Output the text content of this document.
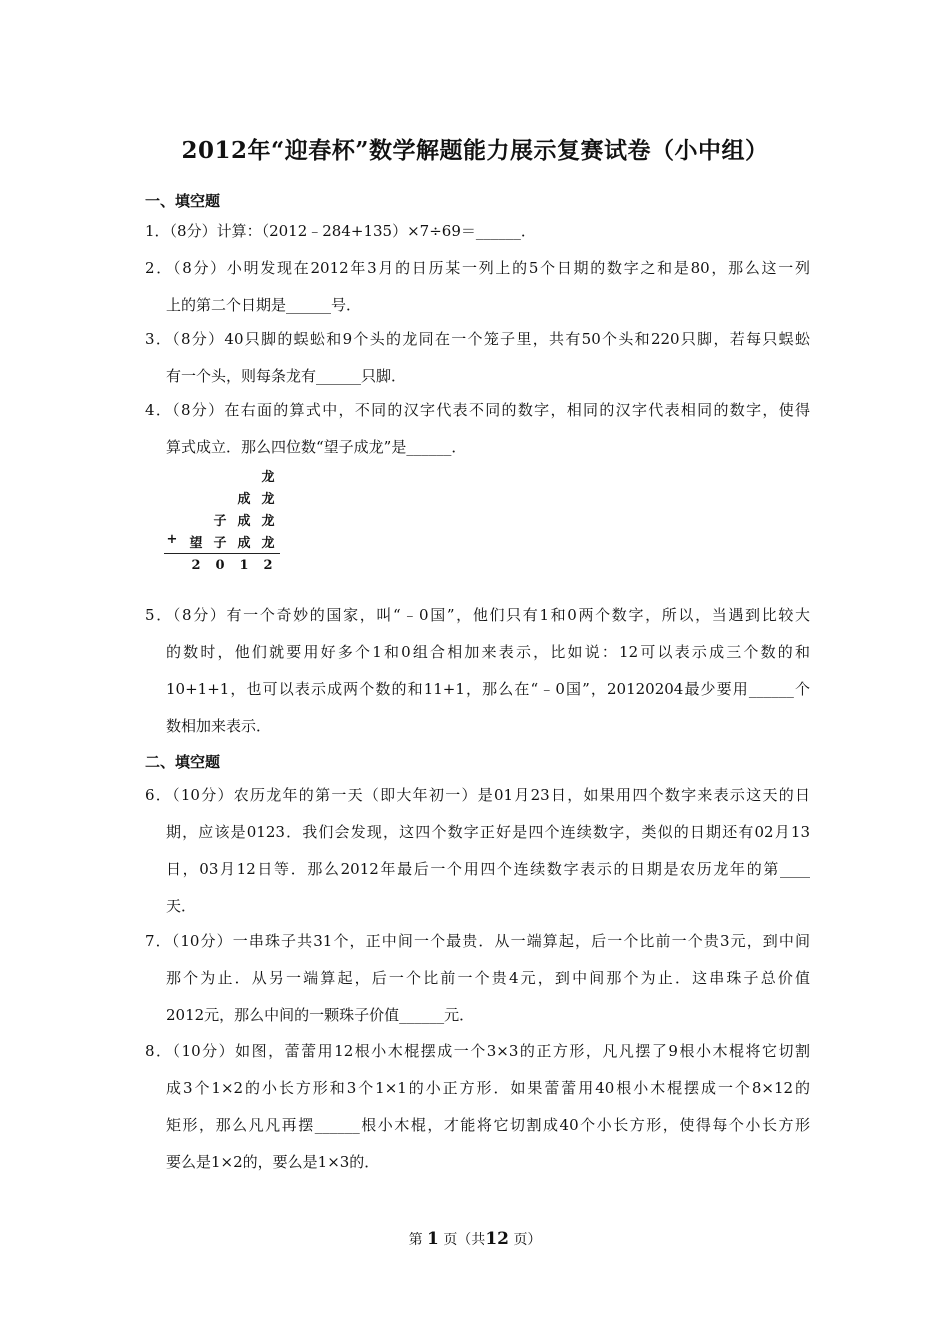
2012年“迎春杯”数学解题能力展示复赛试卷（小中组）
一、填空题
1．（8分）计算：（2012﹣284+135）×7÷69＝______．
2．（8分）小明发现在2012年3月的日历某一列上的5个日期的数字之和是80，那么这一列
上的第二个日期是______号．
3．（8分）40只脚的蜈蚣和9个头的龙同在一个笼子里，共有50个头和220只脚，若每只蜈蚣
有一个头，则每条龙有______只脚．
4．（8分）在右面的算式中，不同的汉字代表不同的数字，相同的汉字代表相同的数字，使得
算式成立．那么四位数“望子成龙”是______．
龙
成 龙
子 成 龙
+ 望 子 成 龙
2 0 1 2
5．（8分）有一个奇妙的国家，叫“﹣0国”，他们只有1和0两个数字，所以，当遇到比较大
的数时，他们就要用好多个1和0组合相加来表示，比如说：12可以表示成三个数的和
10+1+1，也可以表示成两个数的和11+1，那么在“﹣0国”，20120204最少要用______个
数相加来表示．
二、填空题
6．（10分）农历龙年的第一天（即大年初一）是01月23日，如果用四个数字来表示这天的日
期，应该是0123．我们会发现，这四个数字正好是四个连续数字，类似的日期还有02月13
日，03月12日等．那么2012年最后一个用四个连续数字表示的日期是农历龙年的第____
天．
7．（10分）一串珠子共31个，正中间一个最贵．从一端算起，后一个比前一个贵3元，到中间
那个为止．从另一端算起，后一个比前一个贵4元，到中间那个为止．这串珠子总价值
2012元，那么中间的一颗珠子价值______元．
8．（10分）如图，蕾蕾用12根小木棍摆成一个3×3的正方形，凡凡摆了9根小木棍将它切割
成3个1×2的小长方形和3个1×1的小正方形．如果蕾蕾用40根小木棍摆成一个8×12的
矩形，那么凡凡再摆______根小木棍，才能将它切割成40个小长方形，使得每个小长方形
要么是1×2的，要么是1×3的．
第 1 页（共12 页）
